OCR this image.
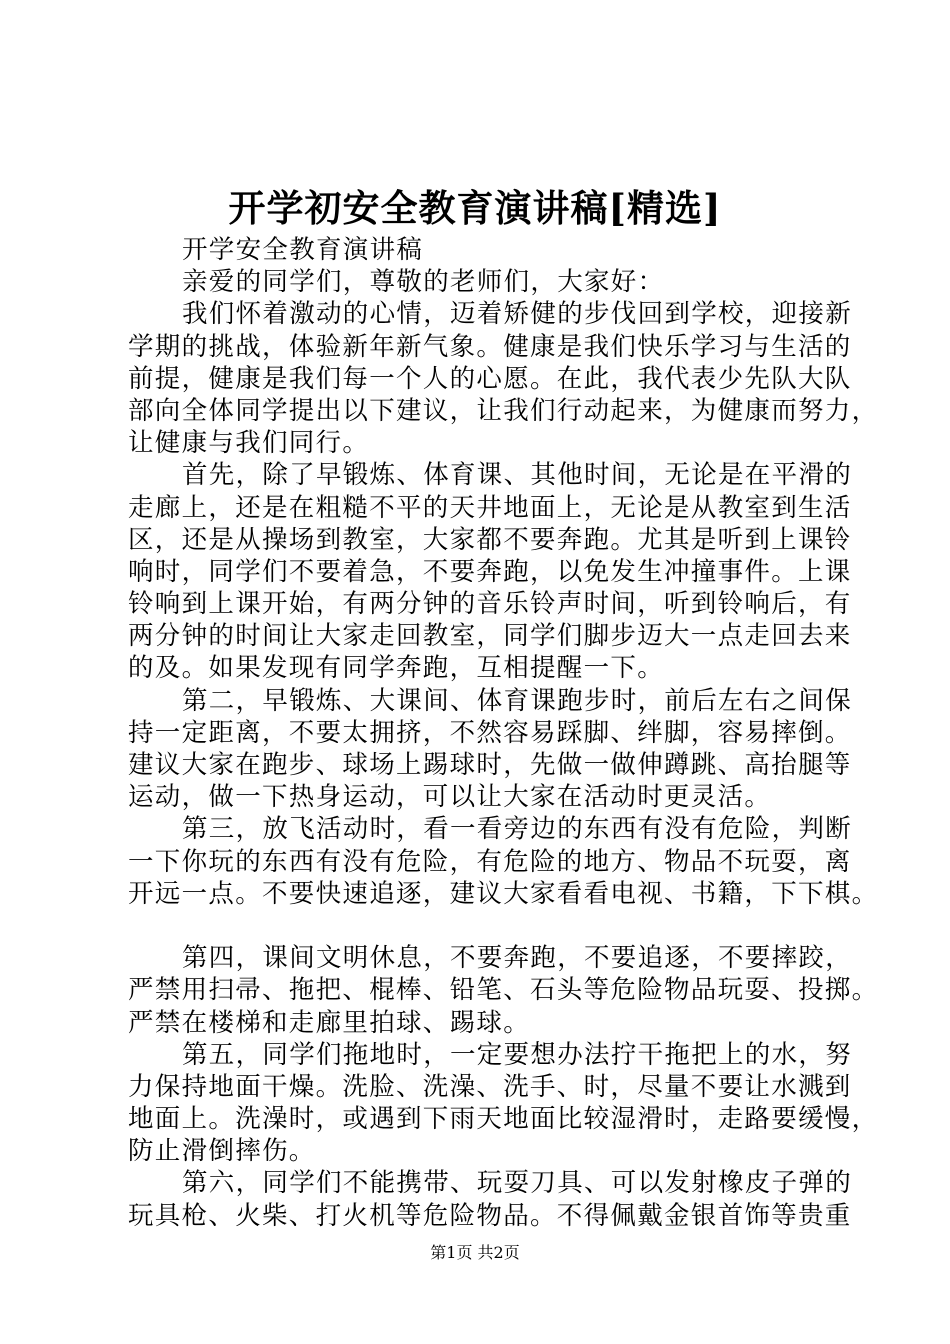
开学初安全教育演讲稿[精选]
开学安全教育演讲稿
亲爱的同学们，尊敬的老师们，大家好：
我们怀着激动的心情，迈着矫健的步伐回到学校，迎接新
学期的挑战，体验新年新气象。健康是我们快乐学习与生活的
前提，健康是我们每一个人的心愿。在此，我代表少先队大队
部向全体同学提出以下建议，让我们行动起来，为健康而努力，
让健康与我们同行。
首先，除了早锻炼、体育课、其他时间，无论是在平滑的
走廊上，还是在粗糙不平的天井地面上，无论是从教室到生活
区，还是从操场到教室，大家都不要奔跑。尤其是听到上课铃
响时，同学们不要着急，不要奔跑，以免发生冲撞事件。上课
铃响到上课开始，有两分钟的音乐铃声时间，听到铃响后，有
两分钟的时间让大家走回教室，同学们脚步迈大一点走回去来
的及。如果发现有同学奔跑，互相提醒一下。
第二，早锻炼、大课间、体育课跑步时，前后左右之间保
持一定距离，不要太拥挤，不然容易踩脚、绊脚，容易摔倒。
建议大家在跑步、球场上踢球时，先做一做伸蹲跳、高抬腿等
运动，做一下热身运动，可以让大家在活动时更灵活。
第三，放飞活动时，看一看旁边的东西有没有危险，判断
一下你玩的东西有没有危险，有危险的地方、物品不玩耍，离
开远一点。不要快速追逐，建议大家看看电视、书籍，下下棋。
第四，课间文明休息，不要奔跑，不要追逐，不要摔跤，
严禁用扫帚、拖把、棍棒、铅笔、石头等危险物品玩耍、投掷。
严禁在楼梯和走廊里拍球、踢球。
第五，同学们拖地时，一定要想办法拧干拖把上的水，努
力保持地面干燥。洗脸、洗澡、洗手、时，尽量不要让水溅到
地面上。洗澡时，或遇到下雨天地面比较湿滑时，走路要缓慢，
防止滑倒摔伤。
第六，同学们不能携带、玩耍刀具、可以发射橡皮子弹的
玩具枪、火柴、打火机等危险物品。不得佩戴金银首饰等贵重
第1页 共2页
